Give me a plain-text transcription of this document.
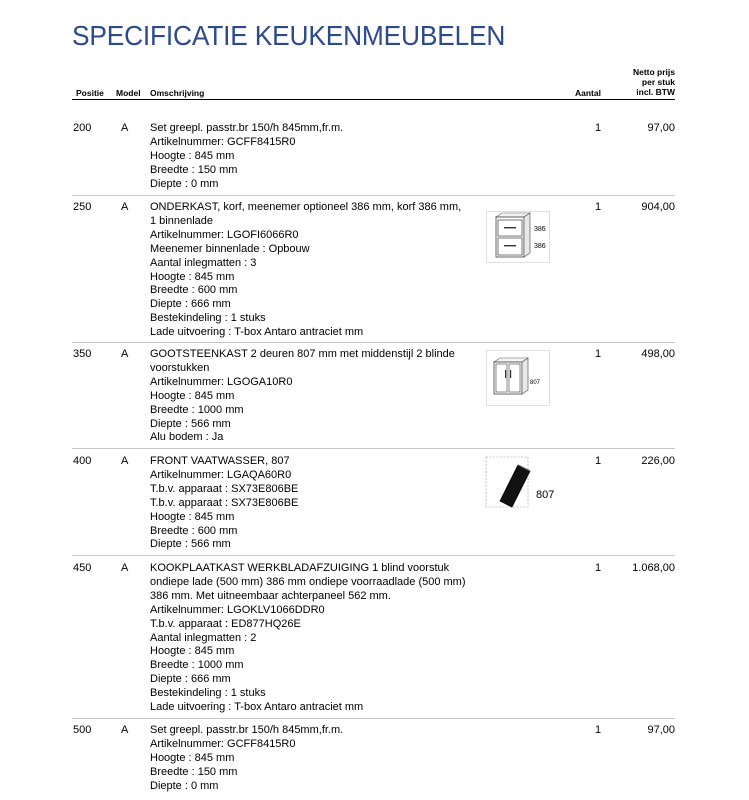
SPECIFICATIE KEUKENMEUBELEN
Positie Model Omschrijving	Aantal
Netto prijs
per stuk
incl. BTW
200	A Set greepl. passtr.br 150/h 845mm,fr.m.
Artikelnummer: GCFF8415R0
Hoogte : 845 mm
Breedte : 150 mm
Diepte : 0 mm
1	97,00
250	A ONDERKAST, korf, meenemer optioneel 386 mm, korf 386 mm,
1 binnenlade
Artikelnummer: LGOFI6066R0
Meenemer binnenlade : Opbouw
Aantal inlegmatten : 3
Hoogte : 845 mm
Breedte : 600 mm
Diepte : 666 mm
Bestekindeling : 1 stuks
Lade uitvoering : T-box Antaro antraciet mm
1	904,00
386
386
350	A GOOTSTEENKAST 2 deuren 807 mm met middenstijl 2 blinde
voorstukken
Artikelnummer: LGOGA10R0
Hoogte : 845 mm
Breedte : 1000 mm
Diepte : 566 mm
Alu bodem : Ja
1	498,00
807
400	A FRONT VAATWASSER, 807
Artikelnummer: LGAQA60R0
T.b.v. apparaat : SX73E806BE
T.b.v. apparaat : SX73E806BE
Hoogte : 845 mm
Breedte : 600 mm
Diepte : 566 mm
1	226,00
807
450	A KOOKPLAATKAST WERKBLADAFZUIGING 1 blind voorstuk
ondiepe lade (500 mm) 386 mm ondiepe voorraadlade (500 mm)
386 mm. Met uitneembaar achterpaneel 562 mm.
Artikelnummer: LGOKLV1066DDR0
T.b.v. apparaat : ED877HQ26E
Aantal inlegmatten : 2
Hoogte : 845 mm
Breedte : 1000 mm
Diepte : 666 mm
Bestekindeling : 1 stuks
Lade uitvoering : T-box Antaro antraciet mm
1	1.068,00
500	A Set greepl. passtr.br 150/h 845mm,fr.m.
Artikelnummer: GCFF8415R0
Hoogte : 845 mm
Breedte : 150 mm
Diepte : 0 mm
1	97,00
